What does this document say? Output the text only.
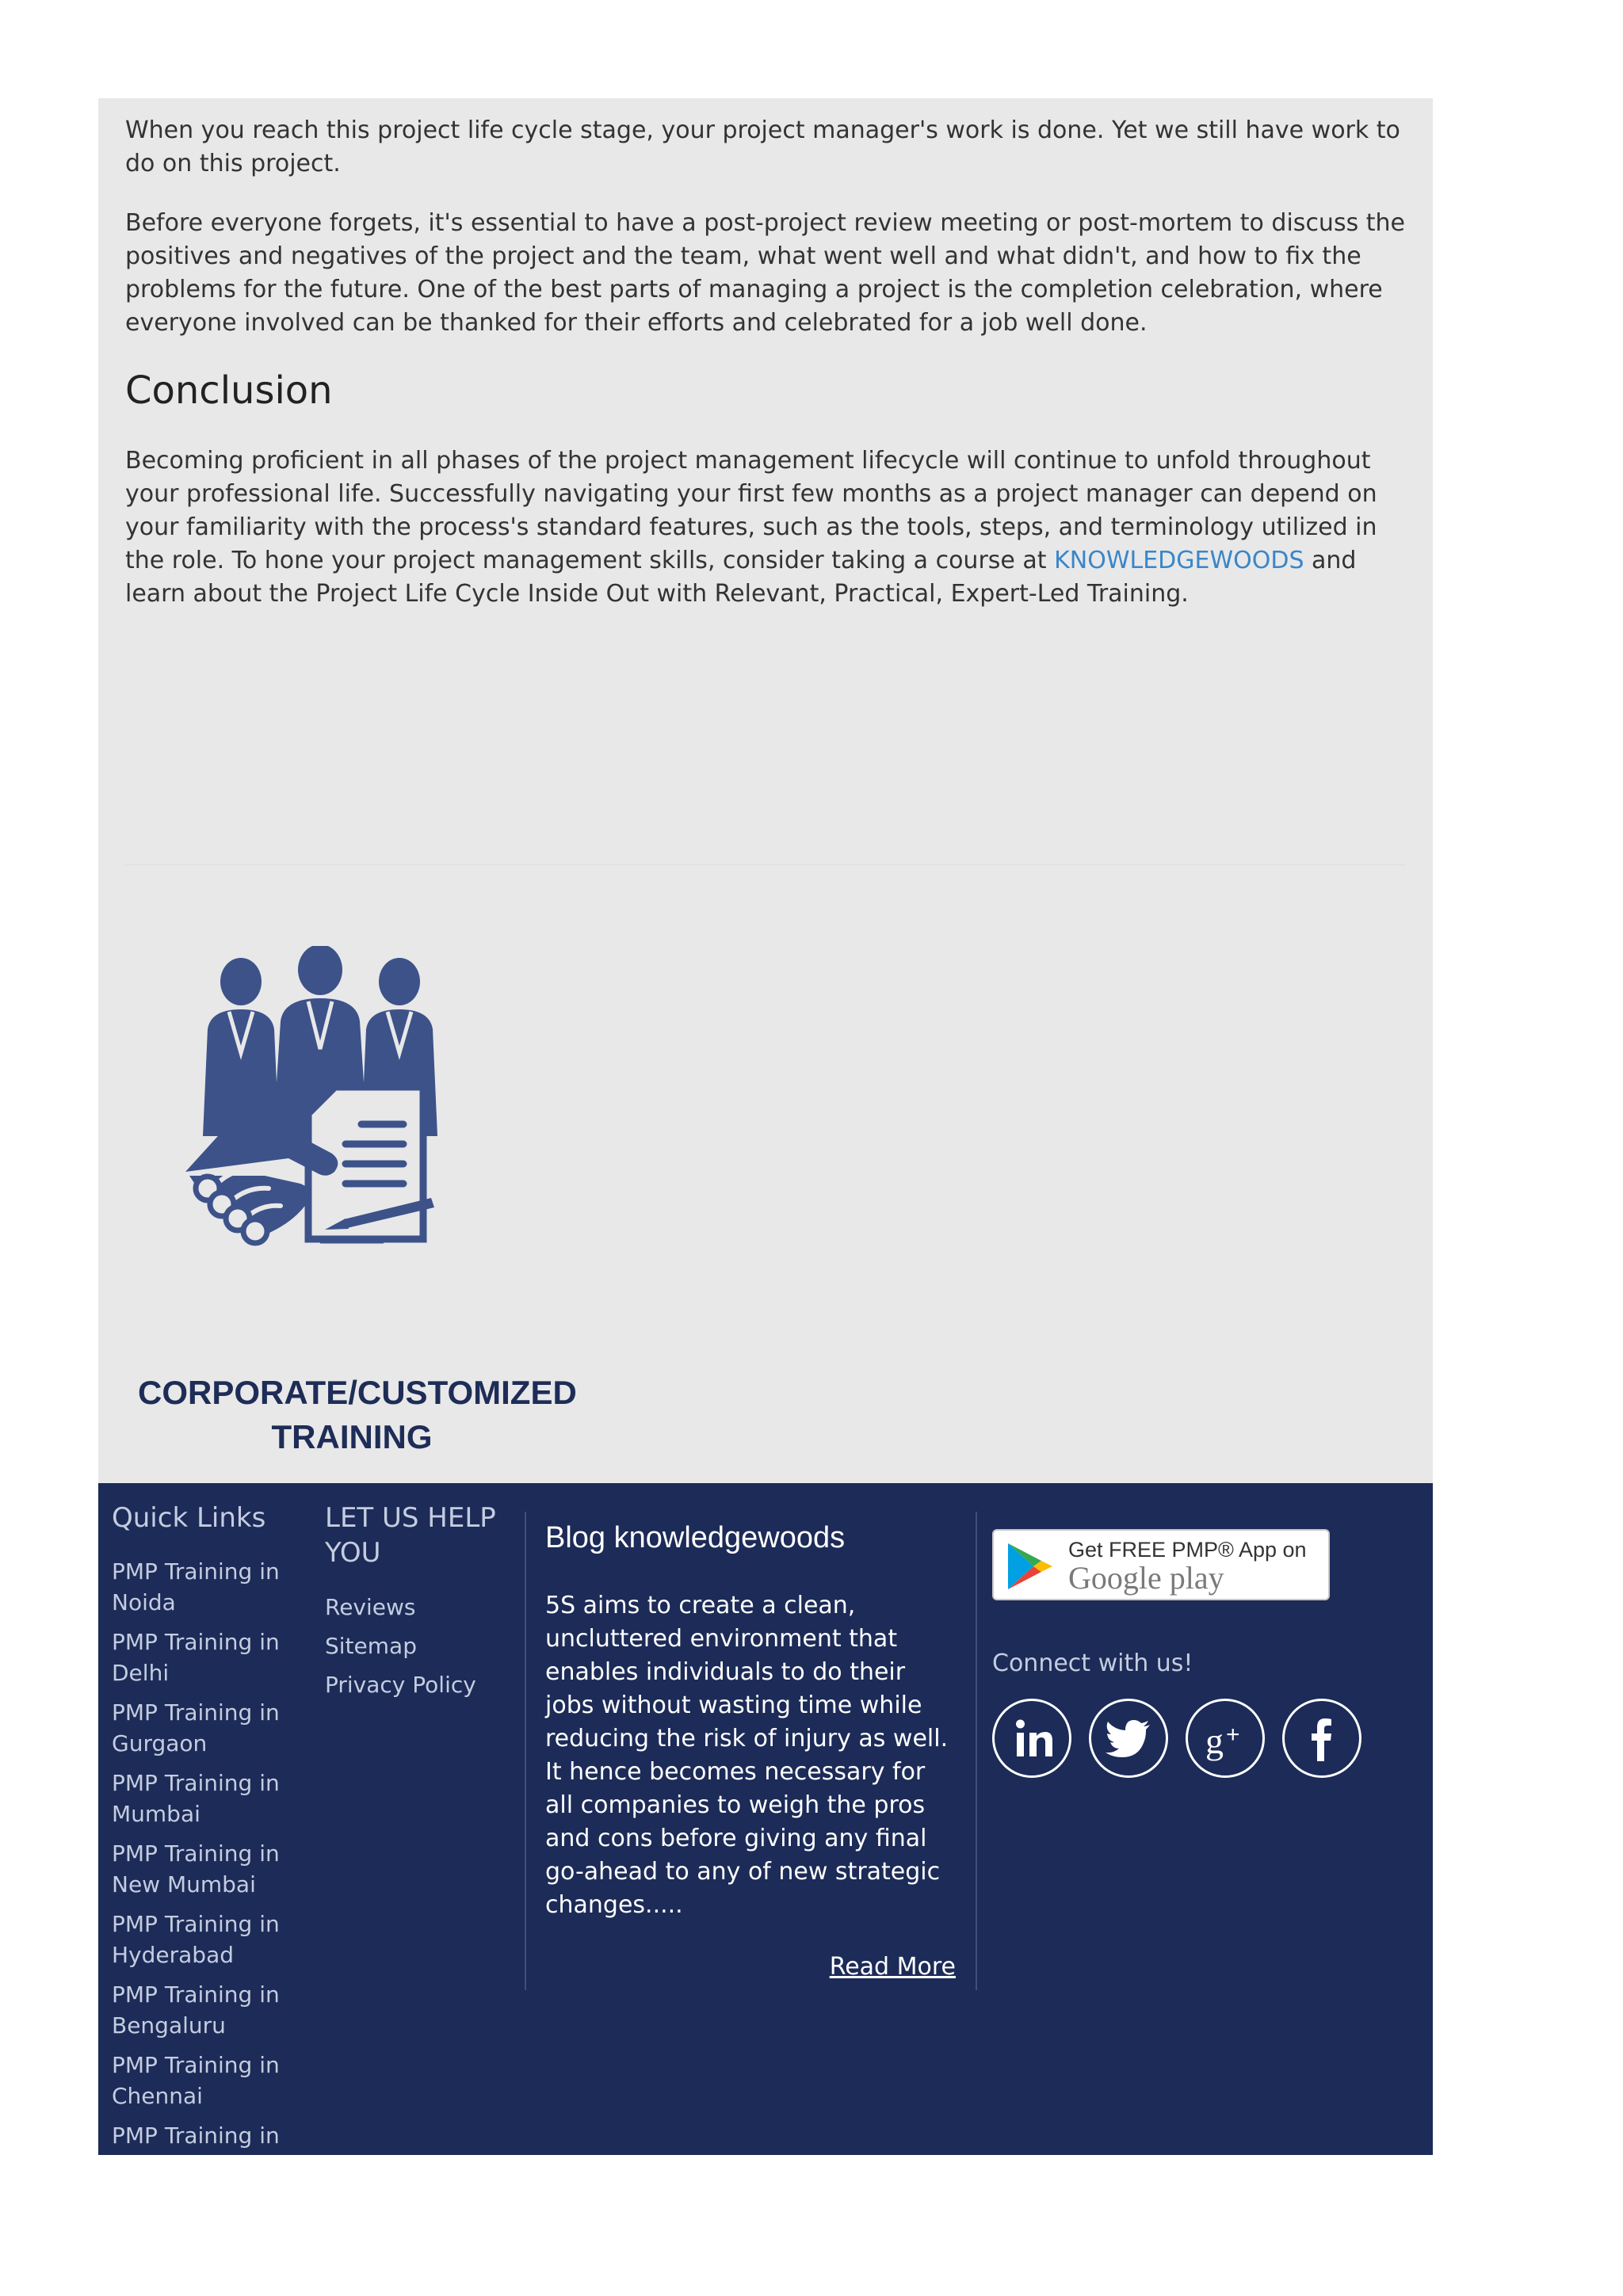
When you reach this project life cycle stage, your project manager's work is done. Yet we still have work to do on this project.

Before everyone forgets, it's essential to have a post-project review meeting or post-mortem to discuss the positives and negatives of the project and the team, what went well and what didn't, and how to fix the problems for the future. One of the best parts of managing a project is the completion celebration, where everyone involved can be thanked for their efforts and celebrated for a job well done.

Conclusion

Becoming proficient in all phases of the project management lifecycle will continue to unfold throughout your professional life. Successfully navigating your first few months as a project manager can depend on your familiarity with the process's standard features, such as the tools, steps, and terminology utilized in the role. To hone your project management skills, consider taking a course at KNOWLEDGEWOODS and learn about the Project Life Cycle Inside Out with Relevant, Practical, Expert-Led Training.

CORPORATE/CUSTOMIZED
TRAINING
Quick Links
PMP Training in Noida
PMP Training in Delhi
PMP Training in Gurgaon
PMP Training in Mumbai
PMP Training in New Mumbai
PMP Training in Hyderabad
PMP Training in Bengaluru
PMP Training in Chennai
PMP Training in
LET US HELP YOU
Reviews
Sitemap
Privacy Policy
Blog knowledgewoods

5S aims to create a clean, uncluttered environment that enables individuals to do their jobs without wasting time while reducing the risk of injury as well. It hence becomes necessary for all companies to weigh the pros and cons before giving any final go-ahead to any of new strategic changes.....

Read More
Get FREE PMP® App on
Google play
Connect with us!
g +
